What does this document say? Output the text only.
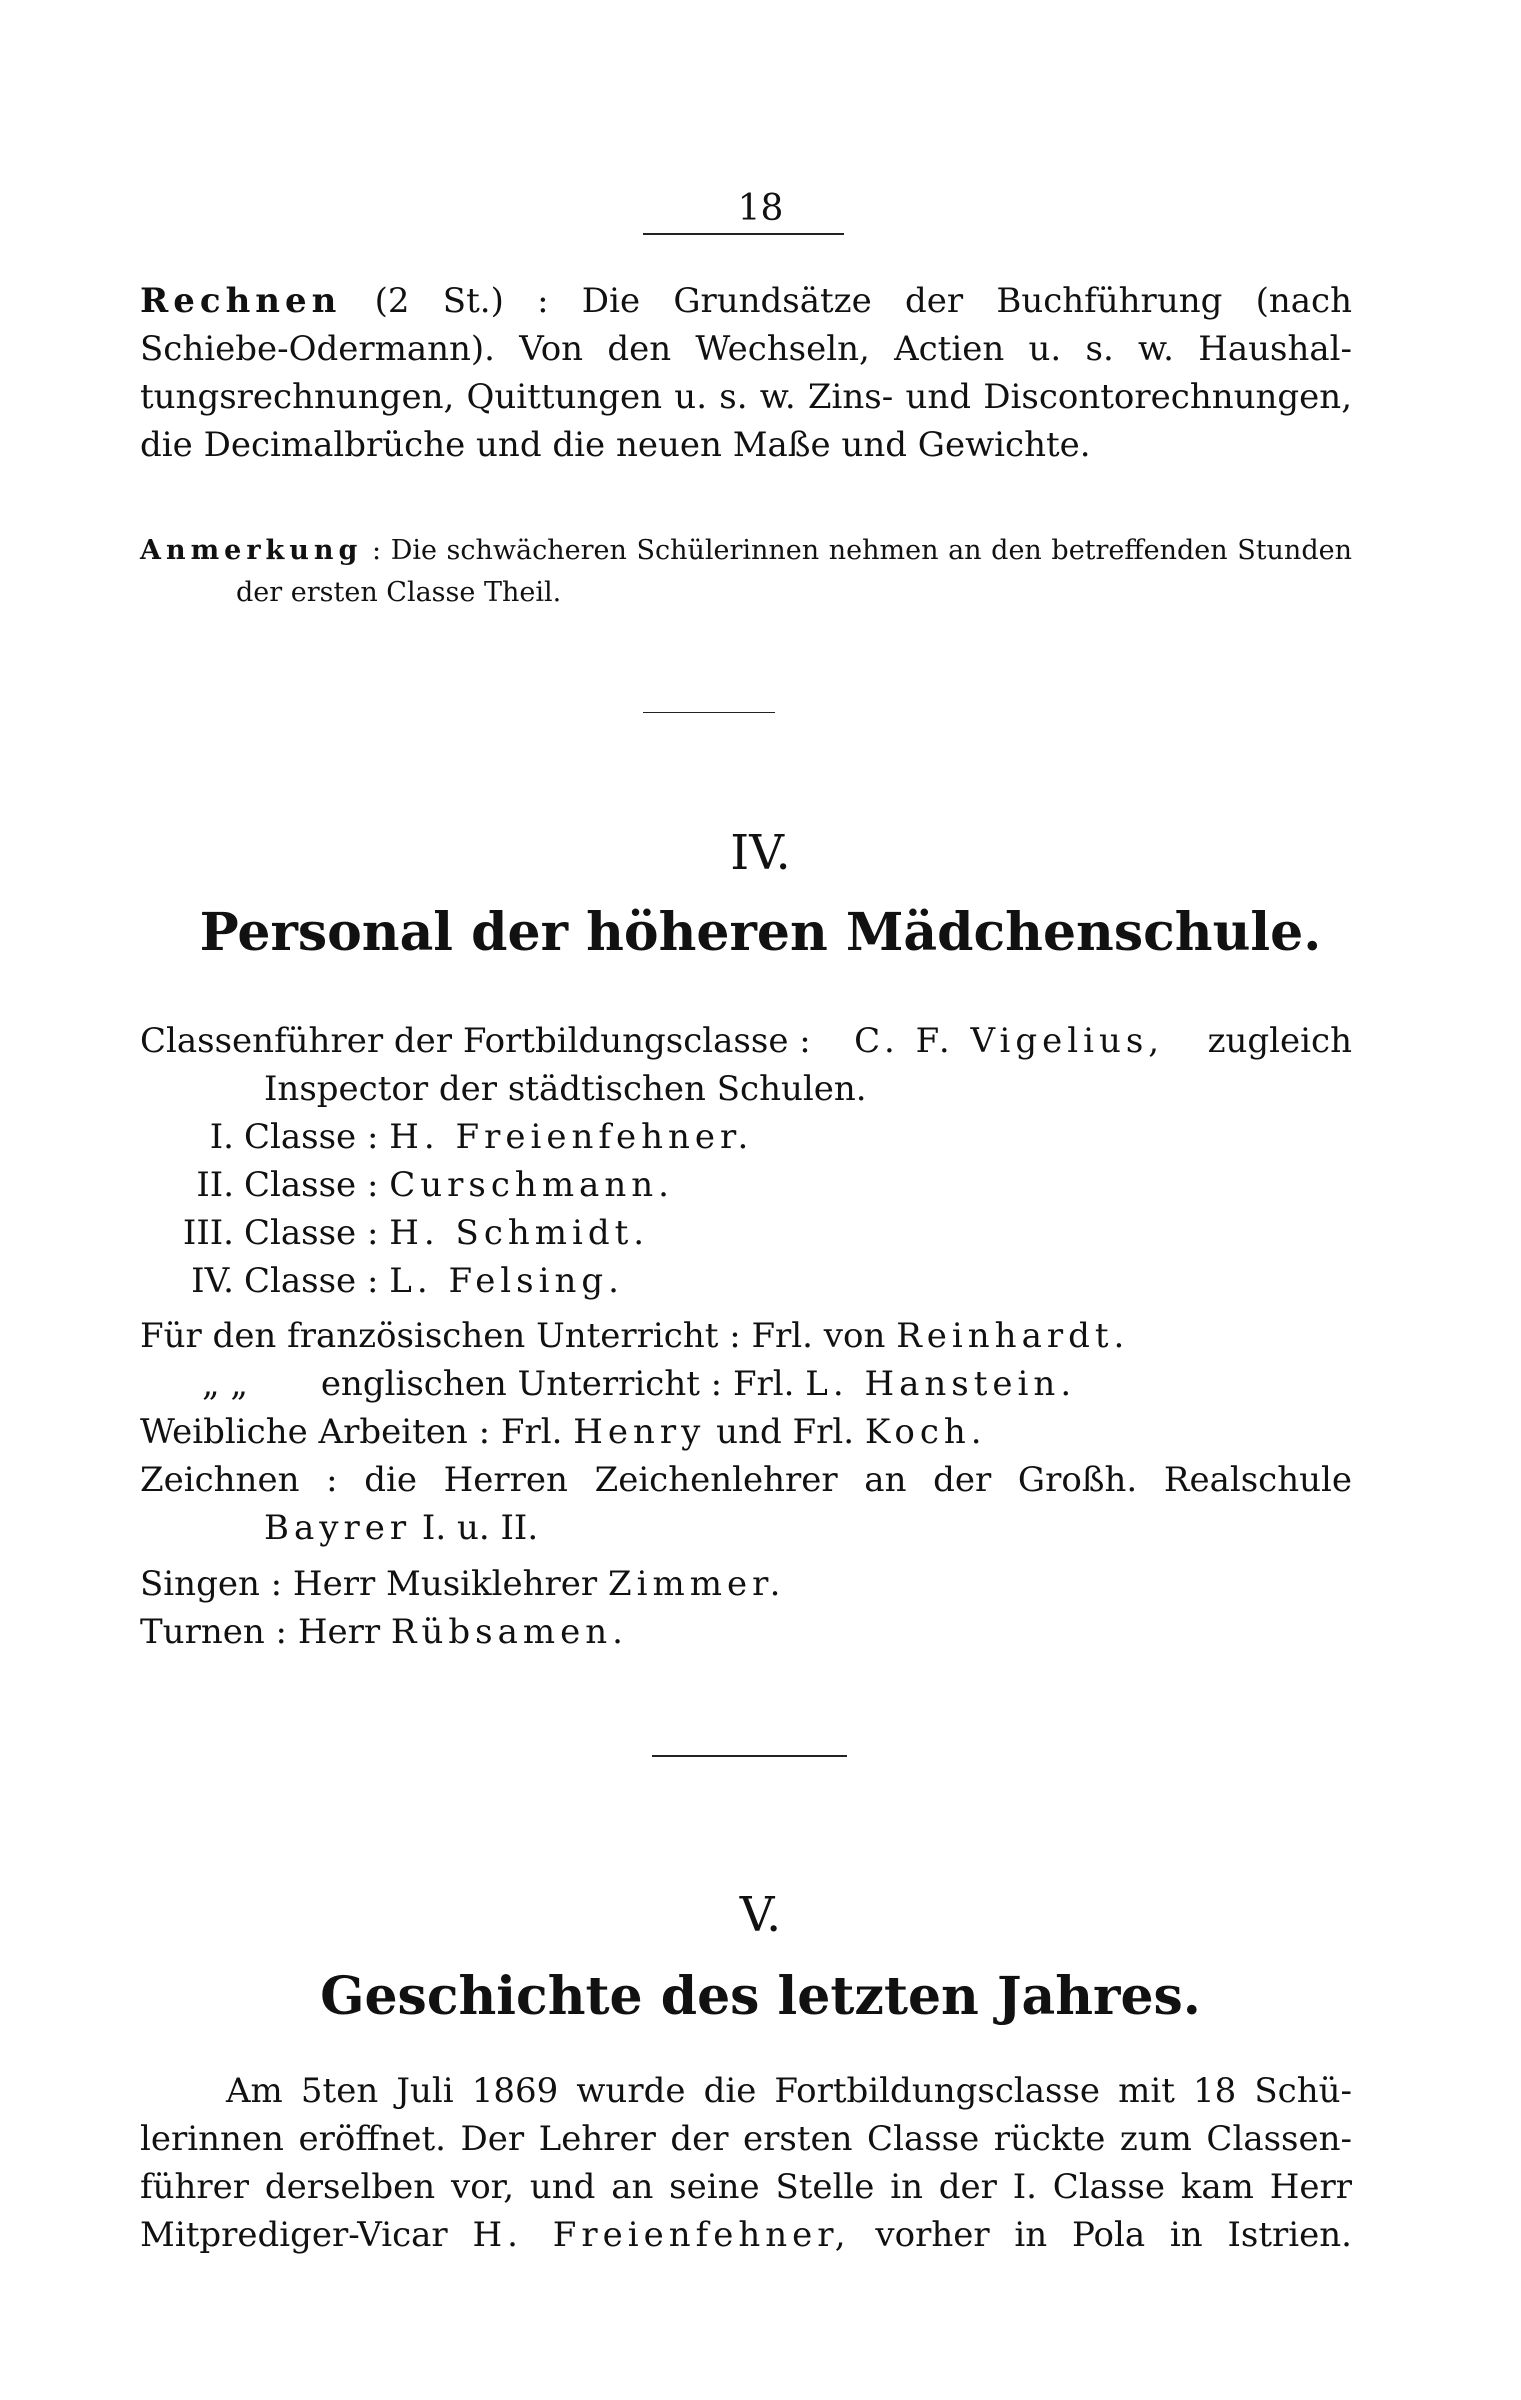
18
Rechnen (2 St.) : Die Grundsätze der Buchführung (nach
Schiebe-Odermann). Von den Wechseln, Actien u. s. w. Haushal-
tungsrechnungen, Quittungen u. s. w. Zins- und Discontorechnungen,
die Decimalbrüche und die neuen Maße und Gewichte.
Anmerkung : Die schwächeren Schülerinnen nehmen an den betreffenden Stunden
der ersten Classe Theil.
IV.
Personal der höheren Mädchenschule.
Classenführer der Fortbildungsclasse : C. F. Vigelius, zugleich
Inspector der städtischen Schulen.
I. Classe : H. Freienfehner.
II. Classe : Curschmann.
III. Classe : H. Schmidt.
IV. Classe : L. Felsing.
Für den französischen Unterricht : Frl. von Reinhardt.
„ „ englischen Unterricht : Frl. L. Hanstein.
Weibliche Arbeiten : Frl. Henry und Frl. Koch.
Zeichnen : die Herren Zeichenlehrer an der Großh. Realschule
Bayrer I. u. II.
Singen : Herr Musiklehrer Zimmer.
Turnen : Herr Rübsamen.
V.
Geschichte des letzten Jahres.
Am 5ten Juli 1869 wurde die Fortbildungsclasse mit 18 Schü-
lerinnen eröffnet. Der Lehrer der ersten Classe rückte zum Classen-
führer derselben vor, und an seine Stelle in der I. Classe kam Herr
Mitprediger-Vicar H. Freienfehner, vorher in Pola in Istrien.
